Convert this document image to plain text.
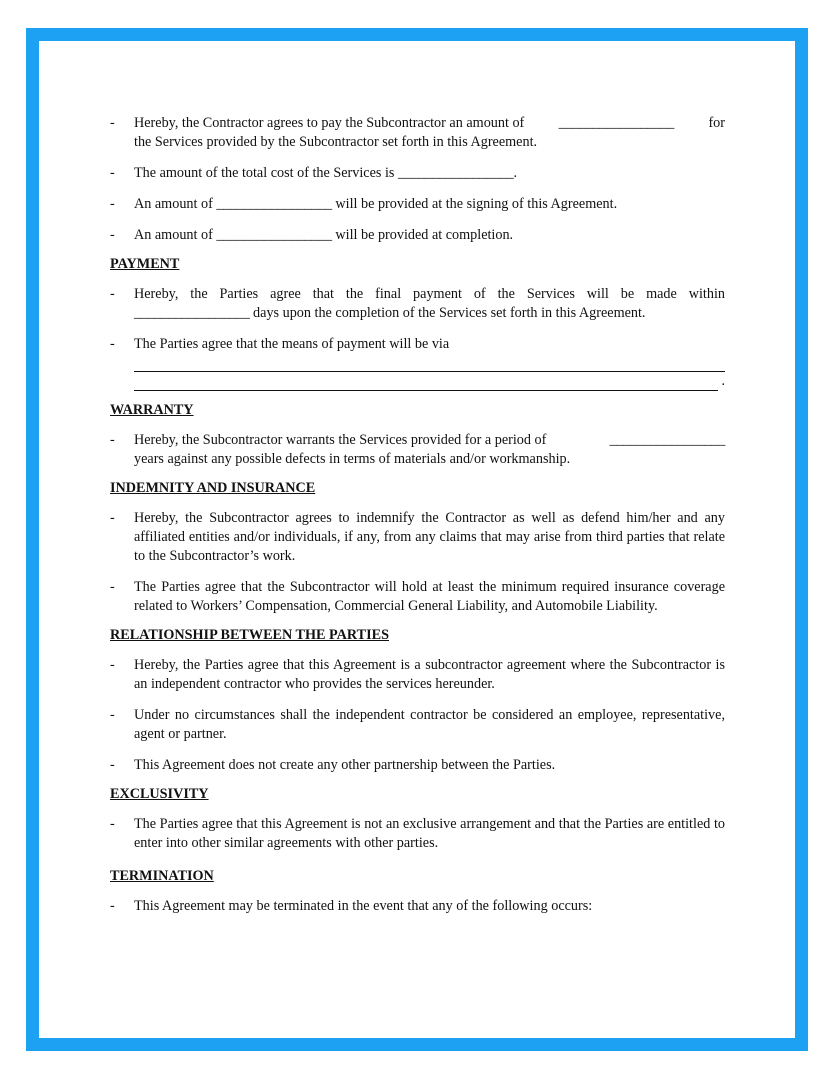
- Hereby, the Contractor agrees to pay the Subcontractor an amount of _________________ for
the Services provided by the Subcontractor set forth in this Agreement.
- The amount of the total cost of the Services is _________________.
- An amount of _________________ will be provided at the signing of this Agreement.
- An amount of _________________ will be provided at completion.
PAYMENT
- Hereby, the Parties agree that the final payment of the Services will be made within
_________________ days upon the completion of the Services set forth in this Agreement.
- The Parties agree that the means of payment will be via
.
WARRANTY
- Hereby, the Subcontractor warrants the Services provided for a period of	_________________
years against any possible defects in terms of materials and/or workmanship.
INDEMNITY AND INSURANCE
- Hereby, the Subcontractor agrees to indemnify the Contractor as well as defend him/her and any affiliated entities and/or individuals, if any, from any claims that may arise from third parties that relate to the Subcontractor’s work.
- The Parties agree that the Subcontractor will hold at least the minimum required insurance coverage related to Workers’ Compensation, Commercial General Liability, and Automobile Liability.
RELATIONSHIP BETWEEN THE PARTIES
- Hereby, the Parties agree that this Agreement is a subcontractor agreement where the Subcontractor is an independent contractor who provides the services hereunder.
- Under no circumstances shall the independent contractor be considered an employee, representative, agent or partner.
- This Agreement does not create any other partnership between the Parties.
EXCLUSIVITY
- The Parties agree that this Agreement is not an exclusive arrangement and that the Parties are entitled to enter into other similar agreements with other parties.
TERMINATION
- This Agreement may be terminated in the event that any of the following occurs:
